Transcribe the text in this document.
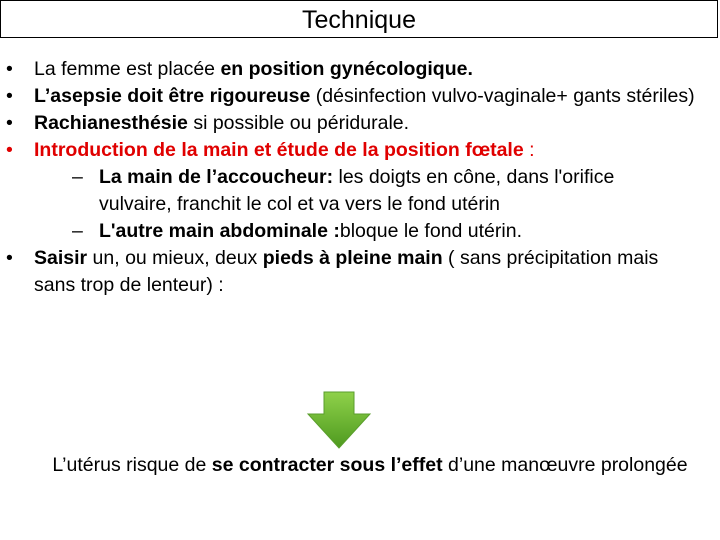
Technique
• La femme est placée en position gynécologique.
• L’asepsie doit être rigoureuse (désinfection vulvo-vaginale+ gants stériles)
• Rachianesthésie si possible ou péridurale.
• Introduction de la main et étude de la position fœtale :
– La main de l’accoucheur: les doigts en cône, dans l'orifice vulvaire, franchit le col et va vers le fond utérin
– L'autre main abdominale :bloque le fond utérin.
• Saisir un, ou mieux, deux pieds à pleine main ( sans précipitation mais sans trop de lenteur) :
L’utérus risque de se contracter sous l’effet d’une manœuvre prolongée
